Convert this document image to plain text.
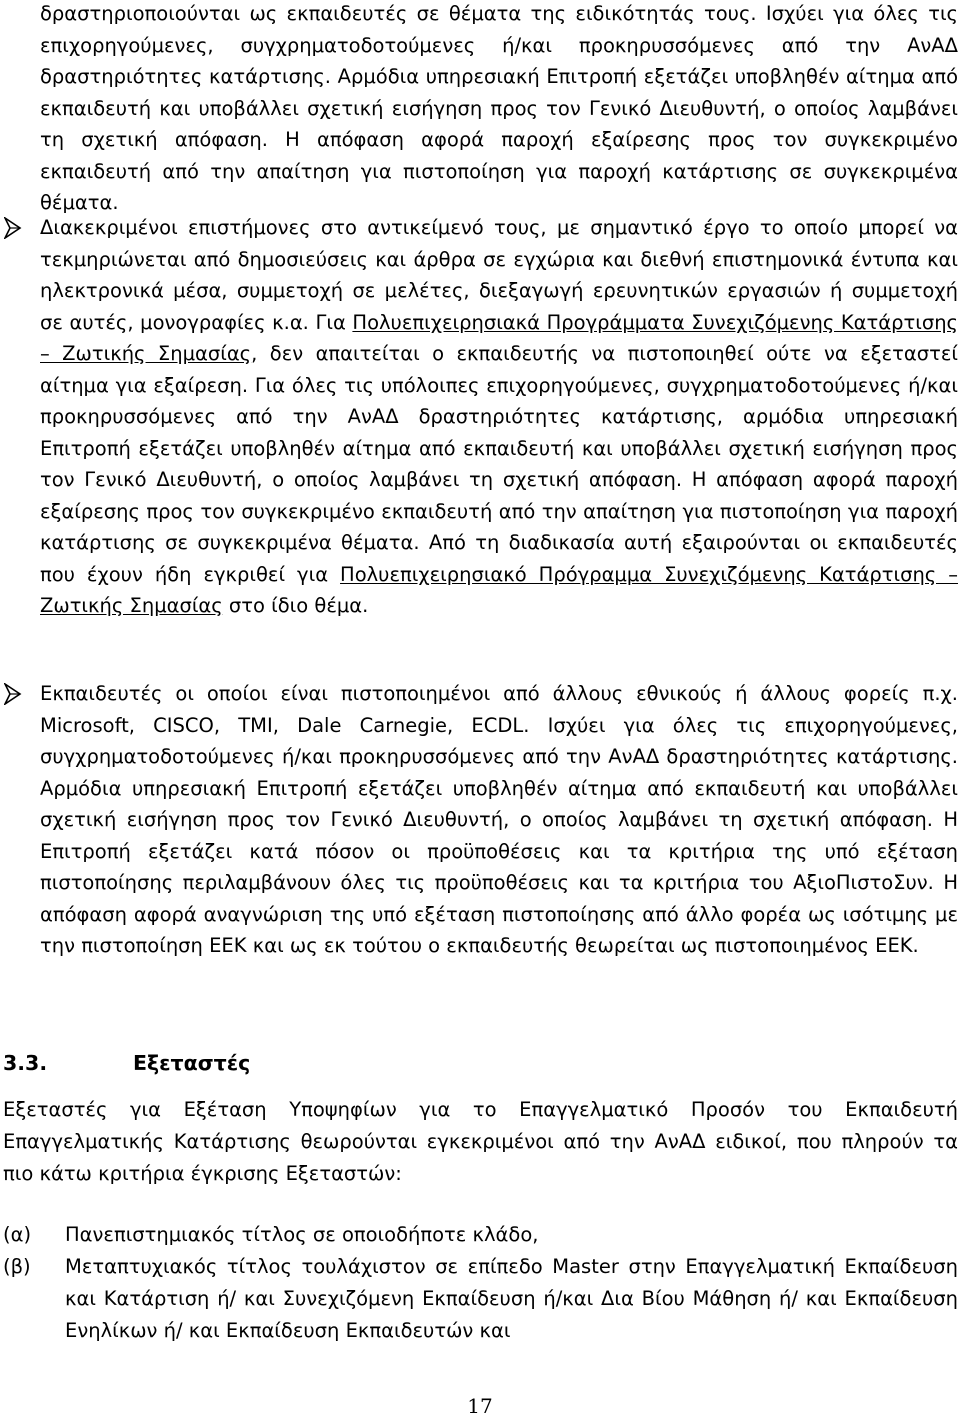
δραστηριοποιούνται ως εκπαιδευτές σε θέματα της ειδικότητάς τους. Ισχύει για όλες τις επιχορηγούμενες, συγχρηματοδοτούμενες ή/και προκηρυσσόμενες από την ΑνΑΔ δραστηριότητες κατάρτισης. Αρμόδια υπηρεσιακή Επιτροπή εξετάζει υποβληθέν αίτημα από εκπαιδευτή και υποβάλλει σχετική εισήγηση προς τον Γενικό Διευθυντή, ο οποίος λαμβάνει τη σχετική απόφαση. Η απόφαση αφορά παροχή εξαίρεσης προς τον συγκεκριμένο εκπαιδευτή από την απαίτηση για πιστοποίηση για παροχή κατάρτισης σε συγκεκριμένα θέματα.

Διακεκριμένοι επιστήμονες στο αντικείμενό τους, με σημαντικό έργο το οποίο μπορεί να τεκμηριώνεται από δημοσιεύσεις και άρθρα σε εγχώρια και διεθνή επιστημονικά έντυπα και ηλεκτρονικά μέσα, συμμετοχή σε μελέτες, διεξαγωγή ερευνητικών εργασιών ή συμμετοχή σε αυτές, μονογραφίες κ.α. Για Πολυεπιχειρησιακά Προγράμματα Συνεχιζόμενης Κατάρτισης – Ζωτικής Σημασίας, δεν απαιτείται ο εκπαιδευτής να πιστοποιηθεί ούτε να εξεταστεί αίτημα για εξαίρεση. Για όλες τις υπόλοιπες επιχορηγούμενες, συγχρηματοδοτούμενες ή/και προκηρυσσόμενες από την ΑνΑΔ δραστηριότητες κατάρτισης, αρμόδια υπηρεσιακή Επιτροπή εξετάζει υποβληθέν αίτημα από εκπαιδευτή και υποβάλλει σχετική εισήγηση προς τον Γενικό Διευθυντή, ο οποίος λαμβάνει τη σχετική απόφαση. Η απόφαση αφορά παροχή εξαίρεσης προς τον συγκεκριμένο εκπαιδευτή από την απαίτηση για πιστοποίηση για παροχή κατάρτισης σε συγκεκριμένα θέματα. Από τη διαδικασία αυτή εξαιρούνται οι εκπαιδευτές που έχουν ήδη εγκριθεί για Πολυεπιχειρησιακό Πρόγραμμα Συνεχιζόμενης Κατάρτισης – Ζωτικής Σημασίας στο ίδιο θέμα.

Εκπαιδευτές οι οποίοι είναι πιστοποιημένοι από άλλους εθνικούς ή άλλους φορείς π.χ. Microsoft, CISCO, TMI, Dale Carnegie, ECDL. Ισχύει για όλες τις επιχορηγούμενες, συγχρηματοδοτούμενες ή/και προκηρυσσόμενες από την ΑνΑΔ δραστηριότητες κατάρτισης. Αρμόδια υπηρεσιακή Επιτροπή εξετάζει υποβληθέν αίτημα από εκπαιδευτή και υποβάλλει σχετική εισήγηση προς τον Γενικό Διευθυντή, ο οποίος λαμβάνει τη σχετική απόφαση. Η Επιτροπή εξετάζει κατά πόσον οι προϋποθέσεις και τα κριτήρια της υπό εξέταση πιστοποίησης περιλαμβάνουν όλες τις προϋποθέσεις και τα κριτήρια του ΑξιοΠιστοΣυν. Η απόφαση αφορά αναγνώριση της υπό εξέταση πιστοποίησης από άλλο φορέα ως ισότιμης με την πιστοποίηση ΕΕΚ και ως εκ τούτου ο εκπαιδευτής θεωρείται ως πιστοποιημένος ΕΕΚ.

3.3.	Εξεταστές

Εξεταστές για Εξέταση Υποψηφίων για το Επαγγελματικό Προσόν του Εκπαιδευτή Επαγγελματικής Κατάρτισης θεωρούνται εγκεκριμένοι από την ΑνΑΔ ειδικοί, που πληρούν τα πιο κάτω κριτήρια έγκρισης Εξεταστών:

(α) Πανεπιστημιακός τίτλος σε οποιοδήποτε κλάδο,
(β) Μεταπτυχιακός τίτλος τουλάχιστον σε επίπεδο Master στην Επαγγελματική Εκπαίδευση και Κατάρτιση ή/ και Συνεχιζόμενη Εκπαίδευση ή/και Δια Βίου Μάθηση ή/ και Εκπαίδευση Ενηλίκων ή/ και Εκπαίδευση Εκπαιδευτών και
17
